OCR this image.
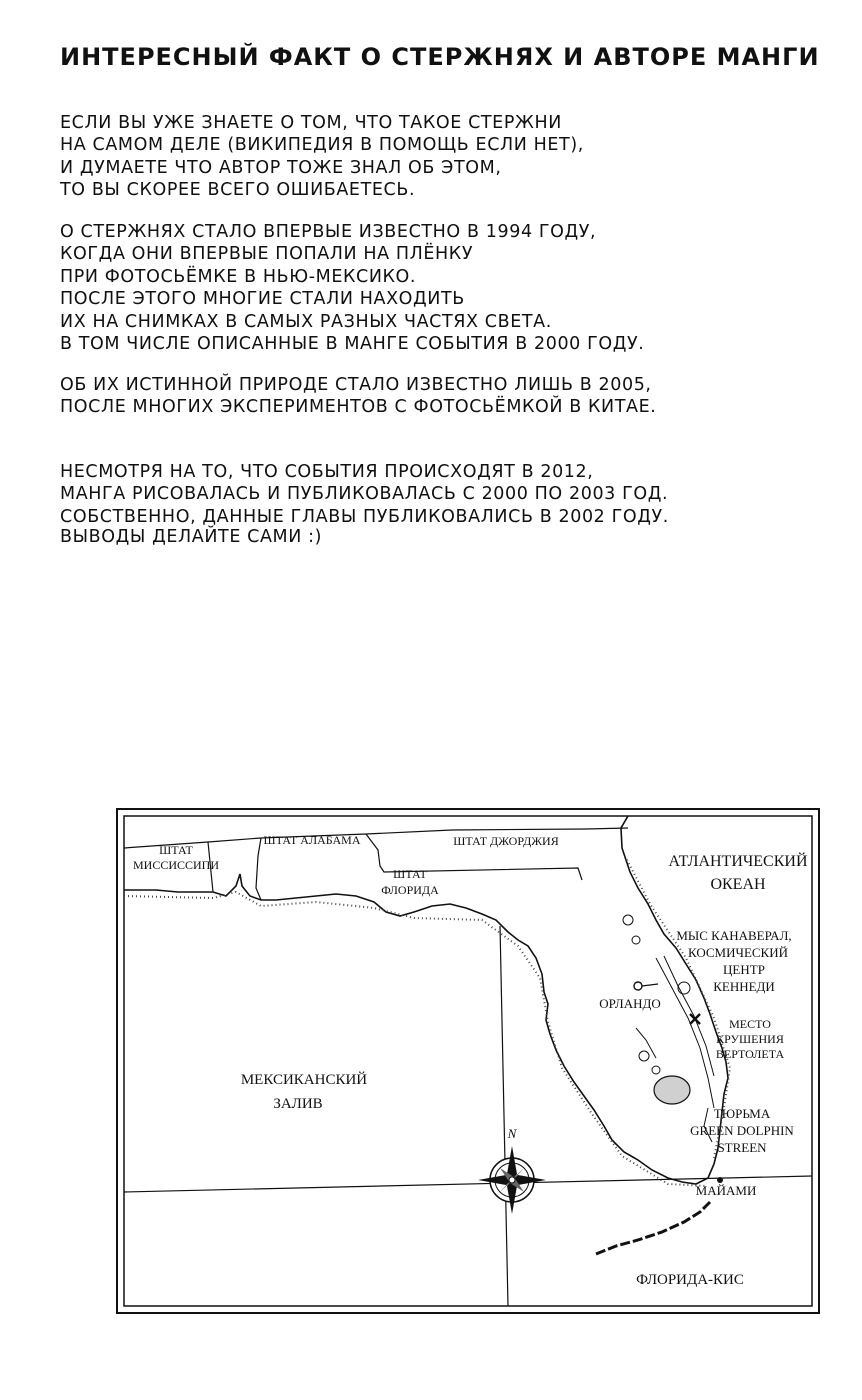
ИНТЕРЕСНЫЙ ФАКТ О СТЕРЖНЯХ И АВТОРЕ МАНГИ

ЕСЛИ ВЫ УЖЕ ЗНАЕТЕ О ТОМ, ЧТО ТАКОЕ СТЕРЖНИ
НА САМОМ ДЕЛЕ (ВИКИПЕДИЯ В ПОМОЩЬ ЕСЛИ НЕТ),
И ДУМАЕТЕ ЧТО АВТОР ТОЖЕ ЗНАЛ ОБ ЭТОМ,
ТО ВЫ СКОРЕЕ ВСЕГО ОШИБАЕТЕСЬ.

О СТЕРЖНЯХ СТАЛО ВПЕРВЫЕ ИЗВЕСТНО В 1994 ГОДУ,
КОГДА ОНИ ВПЕРВЫЕ ПОПАЛИ НА ПЛЁНКУ
ПРИ ФОТОСЬЁМКЕ В НЬЮ-МЕКСИКО.
ПОСЛЕ ЭТОГО МНОГИЕ СТАЛИ НАХОДИТЬ
ИХ НА СНИМКАХ В САМЫХ РАЗНЫХ ЧАСТЯХ СВЕТА.
В ТОМ ЧИСЛЕ ОПИСАННЫЕ В МАНГЕ СОБЫТИЯ В 2000 ГОДУ.

ОБ ИХ ИСТИННОЙ ПРИРОДЕ СТАЛО ИЗВЕСТНО ЛИШЬ В 2005,
ПОСЛЕ МНОГИХ ЭКСПЕРИМЕНТОВ С ФОТОСЬЁМКОЙ В КИТАЕ.

НЕСМОТРЯ НА ТО, ЧТО СОБЫТИЯ ПРОИСХОДЯТ В 2012,
МАНГА РИСОВАЛАСЬ И ПУБЛИКОВАЛАСЬ С 2000 ПО 2003 ГОД.
СОБСТВЕННО, ДАННЫЕ ГЛАВЫ ПУБЛИКОВАЛИСЬ В 2002 ГОДУ.

ВЫВОДЫ ДЕЛАЙТЕ САМИ :)

ШТАТ
МИССИССИПИ
ШТАТ АЛАБАМА	ШТАТ ДЖОРДЖИЯ
ШТАТ
ФЛОРИДА
АТЛАНТИЧЕСКИЙ
ОКЕАН
МЫС КАНАВЕРАЛ,
КОСМИЧЕСКИЙ
ЦЕНТР
КЕННЕДИ
ОРЛАНДО
МЕСТО
КРУШЕНИЯ
ВЕРТОЛЕТА
МЕКСИКАНСКИЙ
ЗАЛИВ
ТЮРЬМА
GREEN DOLPHIN
STREEN
МАЙАМИ
ФЛОРИДА-КИС
N
